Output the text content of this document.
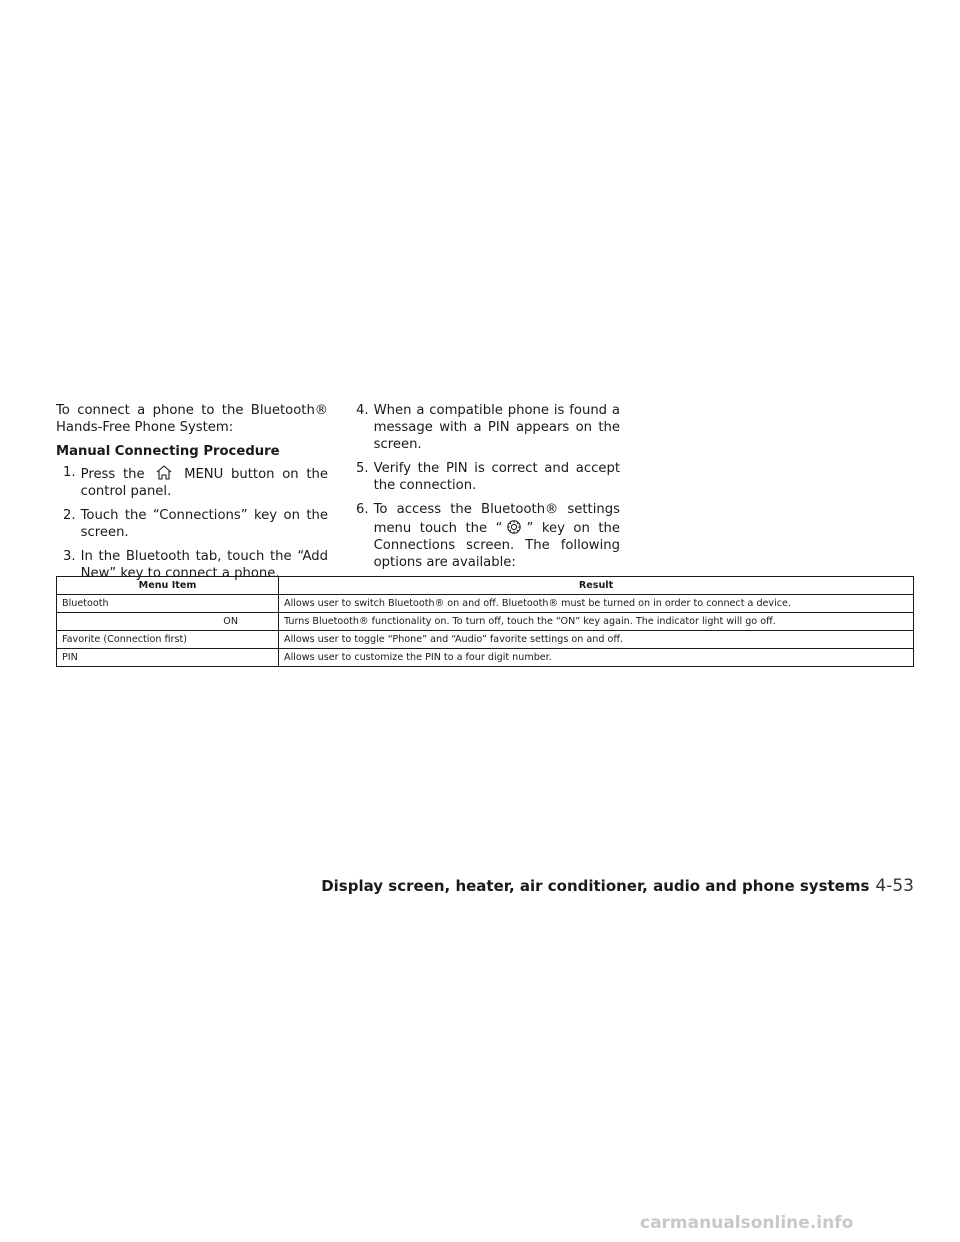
To connect a phone to the Bluetooth® Hands-Free Phone System:

Manual Connecting Procedure

1. Press the	MENU button on the control panel.
2. Touch the “Connections” key on the screen.
3. In the Bluetooth tab, touch the “Add New” key to connect a phone.
4. When a compatible phone is found a message with a PIN appears on the screen.
5. Verify the PIN is correct and accept the connection.
6. To access the Bluetooth® settings menu touch the “ ” key on the Connections screen. The following options are available:
Menu Item	Result
Bluetooth	Allows user to switch Bluetooth® on and off. Bluetooth® must be turned on in order to connect a device.
ON	Turns Bluetooth® functionality on. To turn off, touch the “ON” key again. The indicator light will go off.
Favorite (Connection first)	Allows user to toggle “Phone” and “Audio” favorite settings on and off.
PIN	Allows user to customize the PIN to a four digit number.
Display screen, heater, air conditioner, audio and phone systems 4-53
carmanualsonline.info
